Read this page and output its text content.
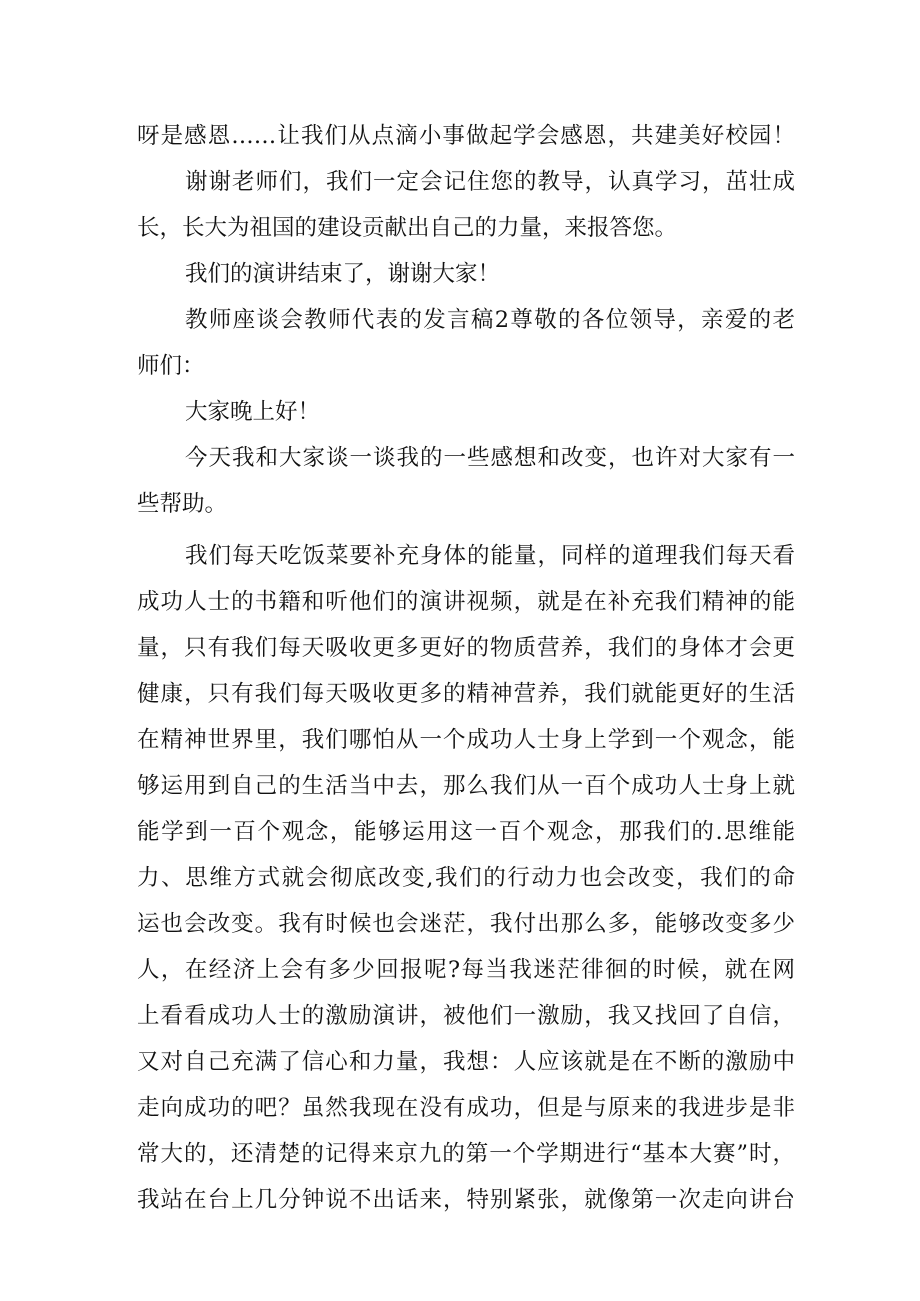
呀是感恩……让我们从点滴小事做起学会感恩，共建美好校园！
谢谢老师们，我们一定会记住您的教导，认真学习，茁壮成
长，长大为祖国的建设贡献出自己的力量，来报答您。
我们的演讲结束了，谢谢大家！
教师座谈会教师代表的发言稿2尊敬的各位领导，亲爱的老
师们：
大家晚上好！
今天我和大家谈一谈我的一些感想和改变，也许对大家有一
些帮助。
我们每天吃饭菜要补充身体的能量，同样的道理我们每天看
成功人士的书籍和听他们的演讲视频，就是在补充我们精神的能
量，只有我们每天吸收更多更好的物质营养，我们的身体才会更
健康，只有我们每天吸收更多的精神营养，我们就能更好的生活
在精神世界里，我们哪怕从一个成功人士身上学到一个观念，能
够运用到自己的生活当中去，那么我们从一百个成功人士身上就
能学到一百个观念，能够运用这一百个观念，那我们的.思维能
力、思维方式就会彻底改变,我们的行动力也会改变，我们的命
运也会改变。我有时候也会迷茫，我付出那么多，能够改变多少
人，在经济上会有多少回报呢?每当我迷茫徘徊的时候，就在网
上看看成功人士的激励演讲，被他们一激励，我又找回了自信，
又对自己充满了信心和力量，我想：人应该就是在不断的激励中
走向成功的吧？虽然我现在没有成功，但是与原来的我进步是非
常大的，还清楚的记得来京九的第一个学期进行“基本大赛”时，
我站在台上几分钟说不出话来，特别紧张，就像第一次走向讲台
